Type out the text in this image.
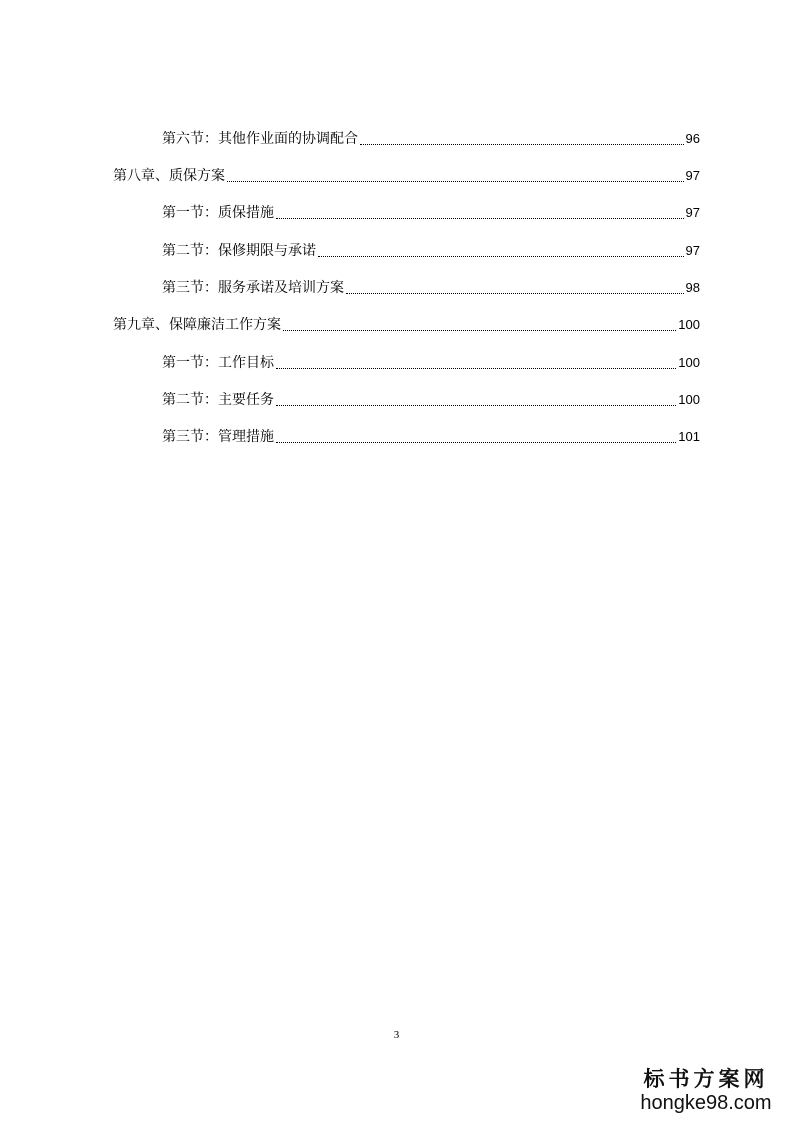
第六节：其他作业面的协调配合	96
第八章、质保方案	97
第一节：质保措施	97
第二节：保修期限与承诺	97
第三节：服务承诺及培训方案	98
第九章、保障廉洁工作方案	100
第一节：工作目标	100
第二节：主要任务	100
第三节：管理措施	101
3
标书方案网
hongke98.com
